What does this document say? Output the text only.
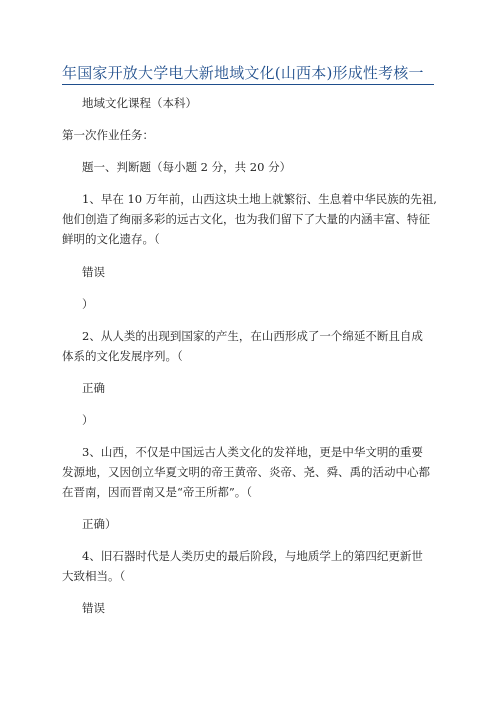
年国家开放大学电大新地域文化(山西本)形成性考核一
地域文化课程（本科）
第一次作业任务：
题一、判断题（每小题 2 分，共 20 分）
1、早在 10 万年前，山西这块土地上就繁衍、生息着中华民族的先祖,
他们创造了绚丽多彩的远古文化，也为我们留下了大量的内涵丰富、特征
鲜明的文化遗存。（
错误
）
2、从人类的出现到国家的产生，在山西形成了一个绵延不断且自成
体系的文化发展序列。（
正确
）
3、山西，不仅是中国远古人类文化的发祥地，更是中华文明的重要
发源地，又因创立华夏文明的帝王黄帝、炎帝、尧、舜、禹的活动中心都
在晋南，因而晋南又是“帝王所都”。（
正确）
4、旧石器时代是人类历史的最后阶段，与地质学上的第四纪更新世
大致相当。（
错误
